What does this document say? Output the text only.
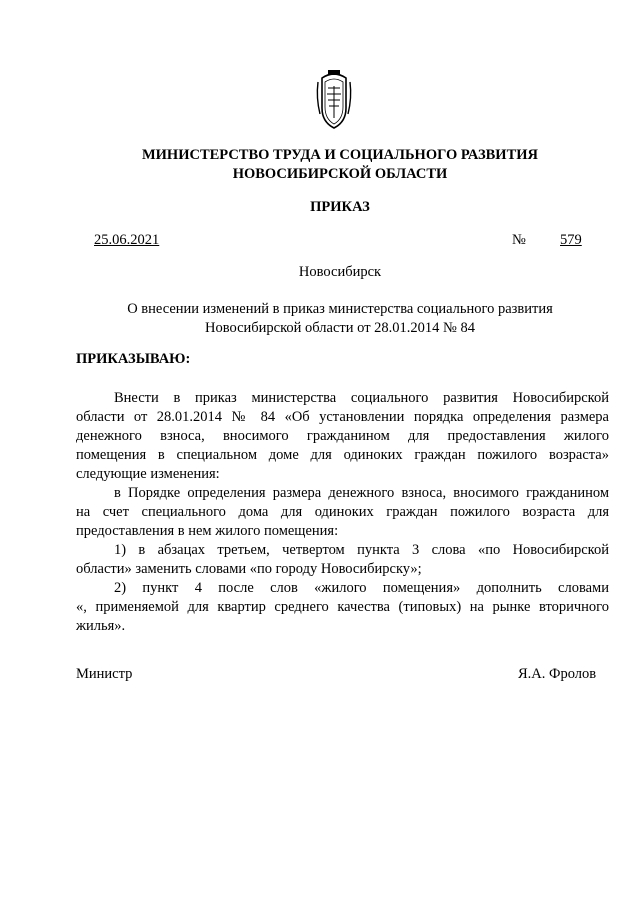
МИНИСТЕРСТВО ТРУДА И СОЦИАЛЬНОГО РАЗВИТИЯ
НОВОСИБИРСКОЙ ОБЛАСТИ
ПРИКАЗ
25.06.2021	№ 579
Новосибирск
О внесении изменений в приказ министерства социального развития
Новосибирской области от 28.01.2014 № 84
ПРИКАЗЫВАЮ:
Внести в приказ министерства социального развития Новосибирской
области от 28.01.2014 № 84 «Об установлении порядка определения размера
денежного взноса, вносимого гражданином для предоставления жилого
помещения в специальном доме для одиноких граждан пожилого возраста»
следующие изменения:
в Порядке определения размера денежного взноса, вносимого гражданином
на счет специального дома для одиноких граждан пожилого возраста для
предоставления в нем жилого помещения:
1) в абзацах третьем, четвертом пункта 3 слова «по Новосибирской
области» заменить словами «по городу Новосибирску»;
2) пункт 4 после слов «жилого помещения» дополнить словами
«, применяемой для квартир среднего качества (типовых) на рынке вторичного
жилья».
Министр	Я.А. Фролов
